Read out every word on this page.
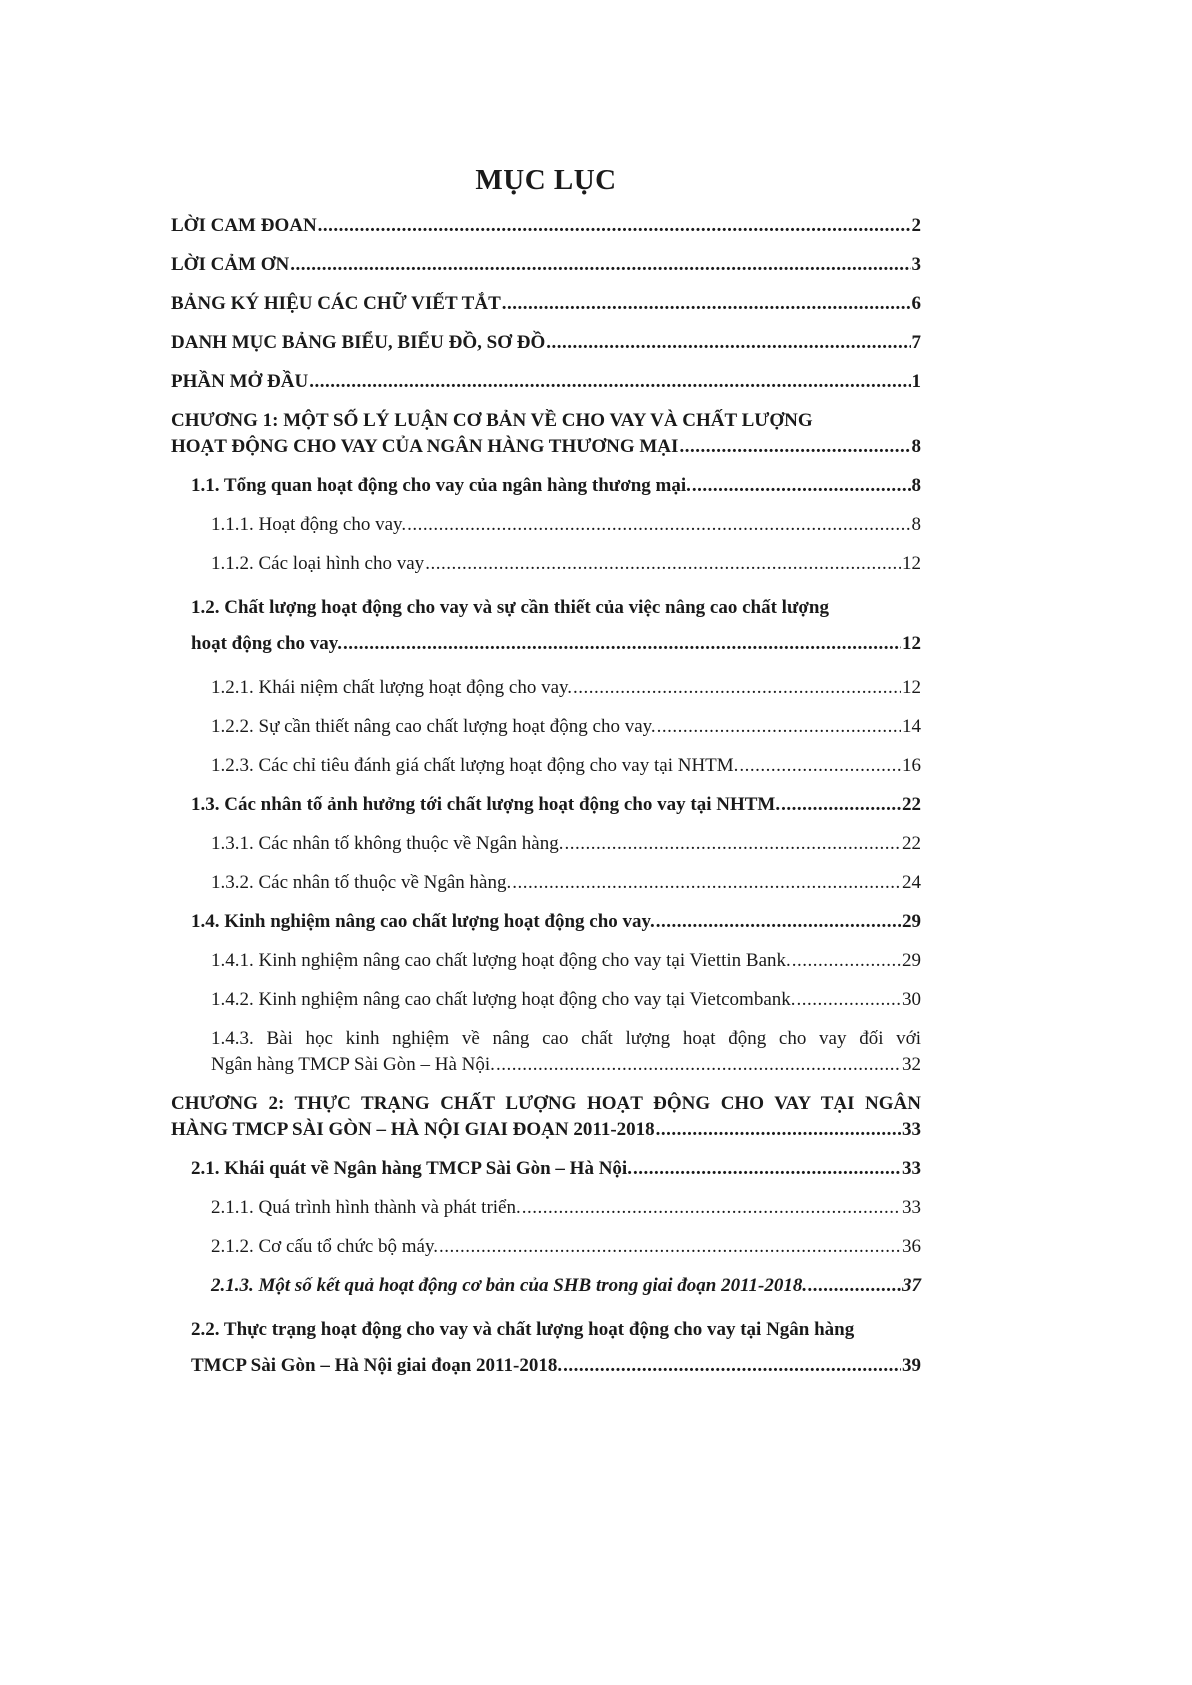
MỤC LỤC
LỜI CAM ĐOAN .....	2
LỜI CẢM ƠN .....	3
BẢNG KÝ HIỆU CÁC CHỮ VIẾT TẮT .....	6
DANH MỤC BẢNG BIỂU, BIỂU ĐỒ, SƠ ĐỒ .....	7
PHẦN MỞ ĐẦU .....	1
CHƯƠNG 1: MỘT SỐ LÝ LUẬN CƠ BẢN VỀ CHO VAY VÀ CHẤT LƯỢNG
HOẠT ĐỘNG CHO VAY CỦA NGÂN HÀNG THƯƠNG MẠI .....	8
1.1. Tổng quan hoạt động cho vay của ngân hàng thương mại. .....	8
1.1.1. Hoạt động cho vay. .....	8
1.1.2. Các loại hình cho vay .....	12
1.2. Chất lượng hoạt động cho vay và sự cần thiết của việc nâng cao chất lượng
hoạt động cho vay. .....	12
1.2.1. Khái niệm chất lượng hoạt động cho vay. .....	12
1.2.2. Sự cần thiết nâng cao chất lượng hoạt động cho vay. .....	14
1.2.3. Các chỉ tiêu đánh giá chất lượng hoạt động cho vay tại NHTM. .....	16
1.3. Các nhân tố ảnh hưởng tới chất lượng hoạt động cho vay tại NHTM. .....	22
1.3.1. Các nhân tố không thuộc về Ngân hàng. .....	22
1.3.2. Các nhân tố thuộc về Ngân hàng. .....	24
1.4. Kinh nghiệm nâng cao chất lượng hoạt động cho vay. .....	29
1.4.1. Kinh nghiệm nâng cao chất lượng hoạt động cho vay tại Viettin Bank. .....	29
1.4.2. Kinh nghiệm nâng cao chất lượng hoạt động cho vay tại Vietcombank. .....	30
1.4.3. Bài học kinh nghiệm về nâng cao chất lượng hoạt động cho vay đối với
Ngân hàng TMCP Sài Gòn – Hà Nội. .....	32
CHƯƠNG 2: THỰC TRẠNG CHẤT LƯỢNG HOẠT ĐỘNG CHO VAY TẠI NGÂN
HÀNG TMCP SÀI GÒN – HÀ NỘI GIAI ĐOẠN 2011-2018 .....	33
2.1. Khái quát về Ngân hàng TMCP Sài Gòn – Hà Nội. .....	33
2.1.1. Quá trình hình thành và phát triển. .....	33
2.1.2. Cơ cấu tổ chức bộ máy. .....	36
2.1.3. Một số kết quả hoạt động cơ bản của SHB trong giai đoạn 2011-2018. .....	37
2.2. Thực trạng hoạt động cho vay và chất lượng hoạt động cho vay tại Ngân hàng
TMCP Sài Gòn – Hà Nội giai đoạn 2011-2018. .....	39
